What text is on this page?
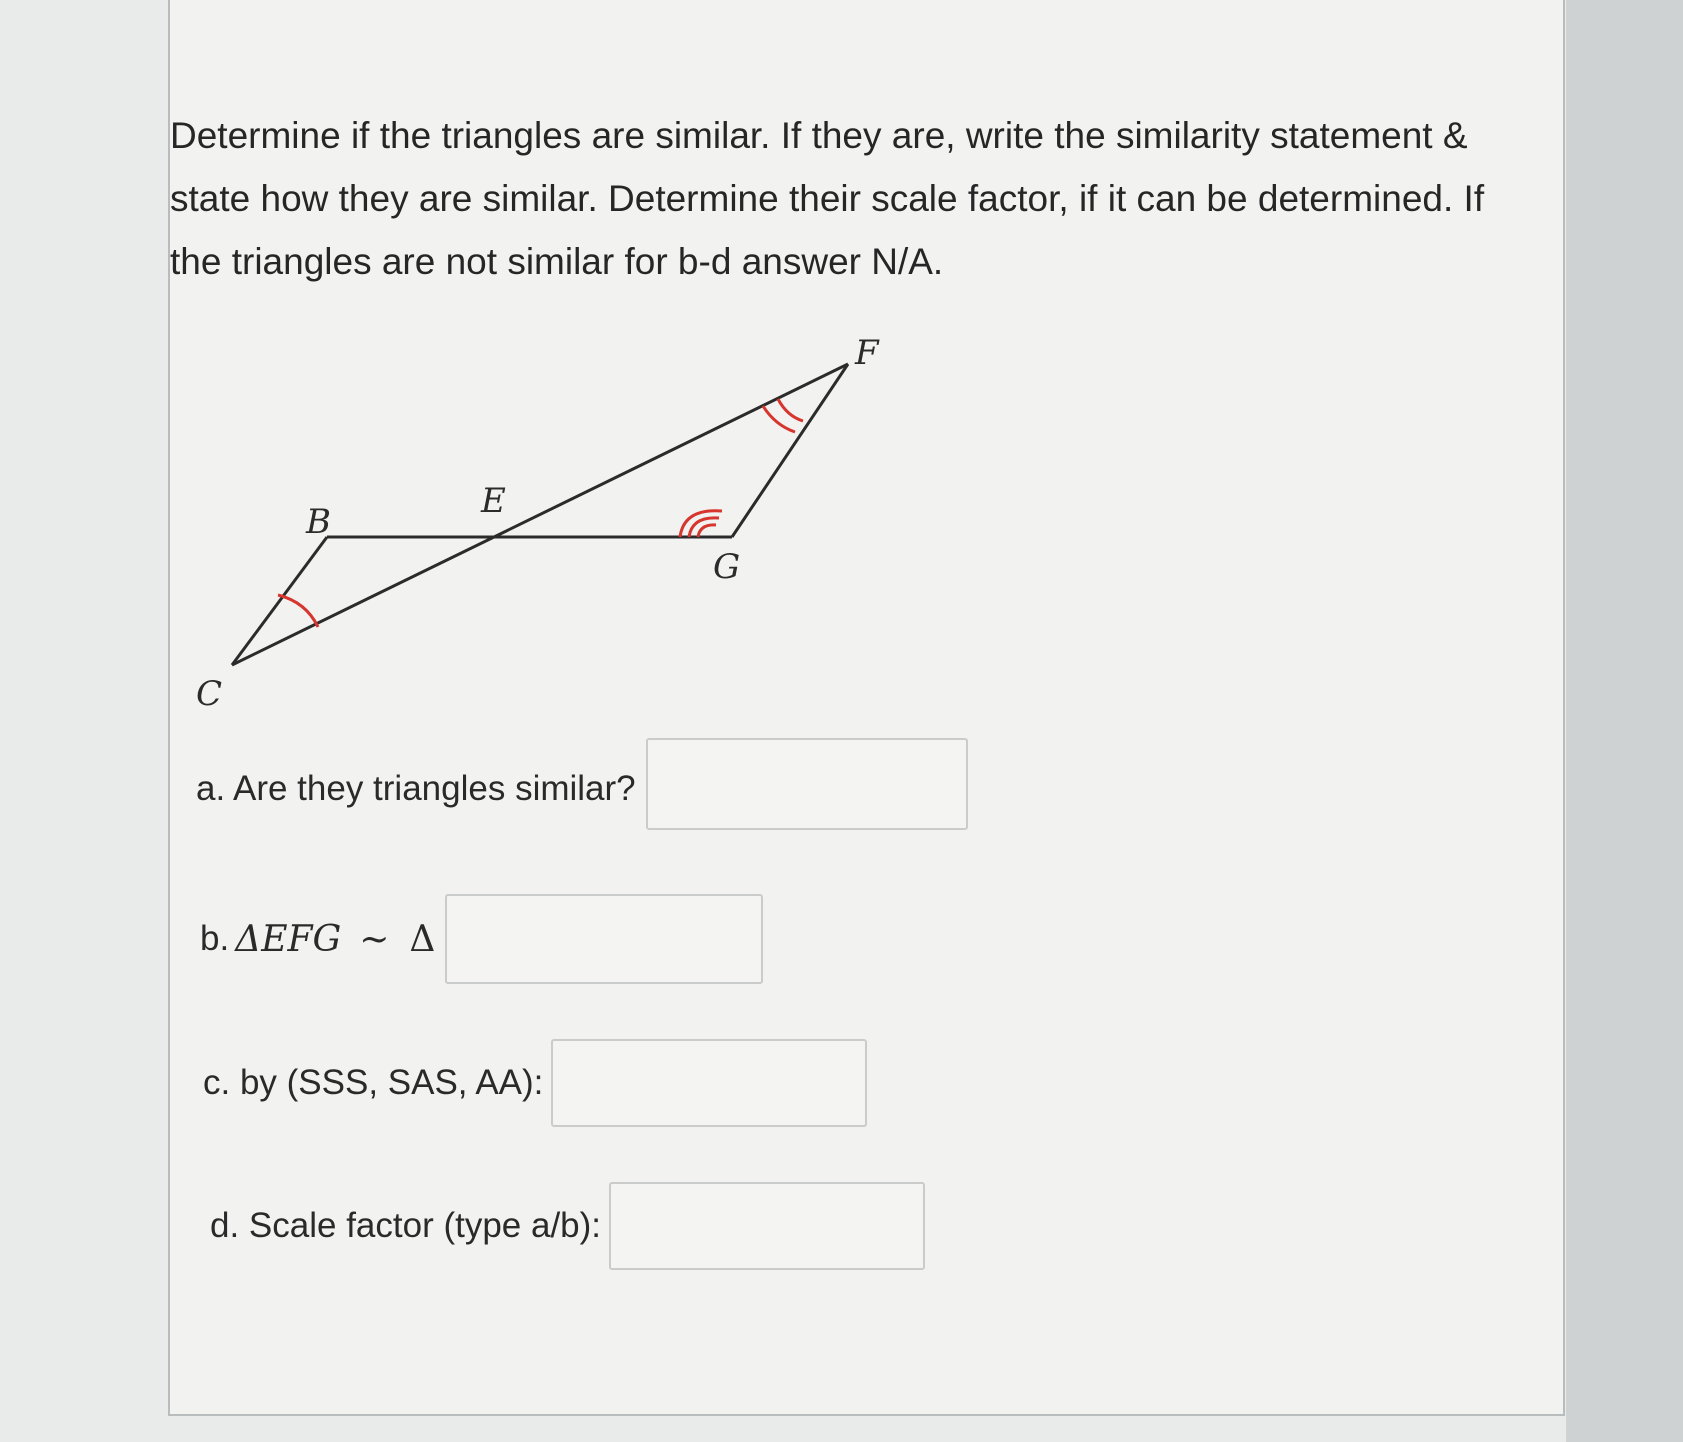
Determine if the triangles are similar. If they are, write the similarity statement & state how they are similar. Determine their scale factor, if it can be determined. If the triangles are not similar for b-d answer N/A.

B
C
E
F
G
a. Are they triangles similar?
b. ΔEFG ~ Δ
c. by (SSS, SAS, AA):
d. Scale factor (type a/b):
